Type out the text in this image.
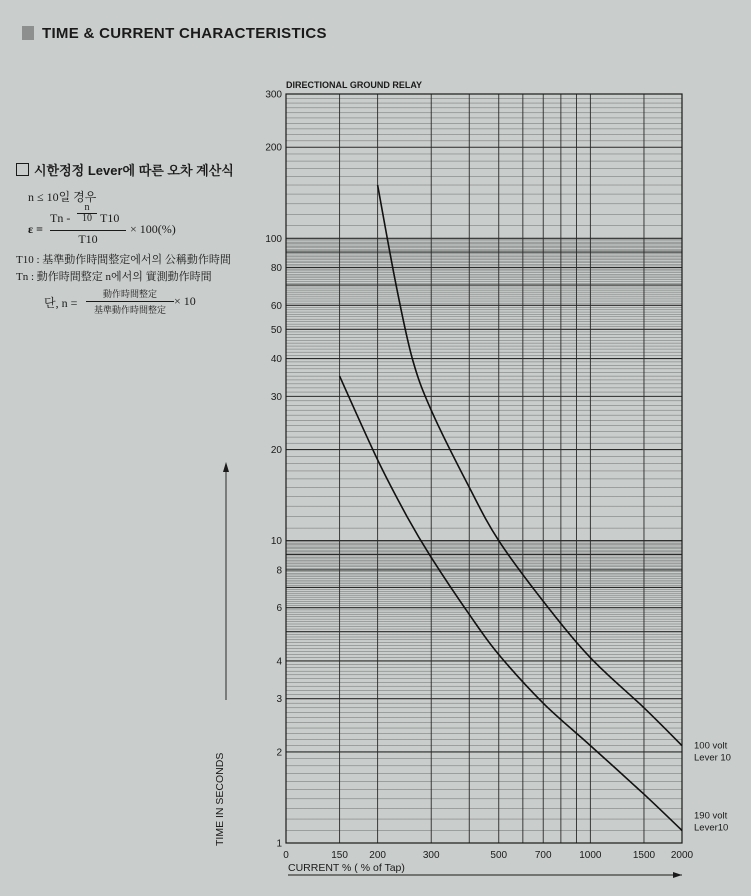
TIME & CURRENT CHARACTERISTICS
시한정정 Lever에 따른 오차 계산식
n ≤ 10일 경우
$\varepsilon = \frac{Tn - \frac{n}{10} T10}{T10} \times 100(\%)$
T10 : 基準動作時間整定에서의 公稱動作時間
Tn : 動作時間整定 n에서의 實測動作時間
단, n =
動作時間整定
基準動作時間整定
× 10
DIRECTIONAL GROUND RELAY
1
2
3
4
6
8
10
20
30
40
50
60
80
100
200
300
0	150 200	300	500	700	1000	1500 2000
CURRENT % ( % of Tap)
TIME IN SECONDS
100 volt
Lever 10
190 volt
Lever10
